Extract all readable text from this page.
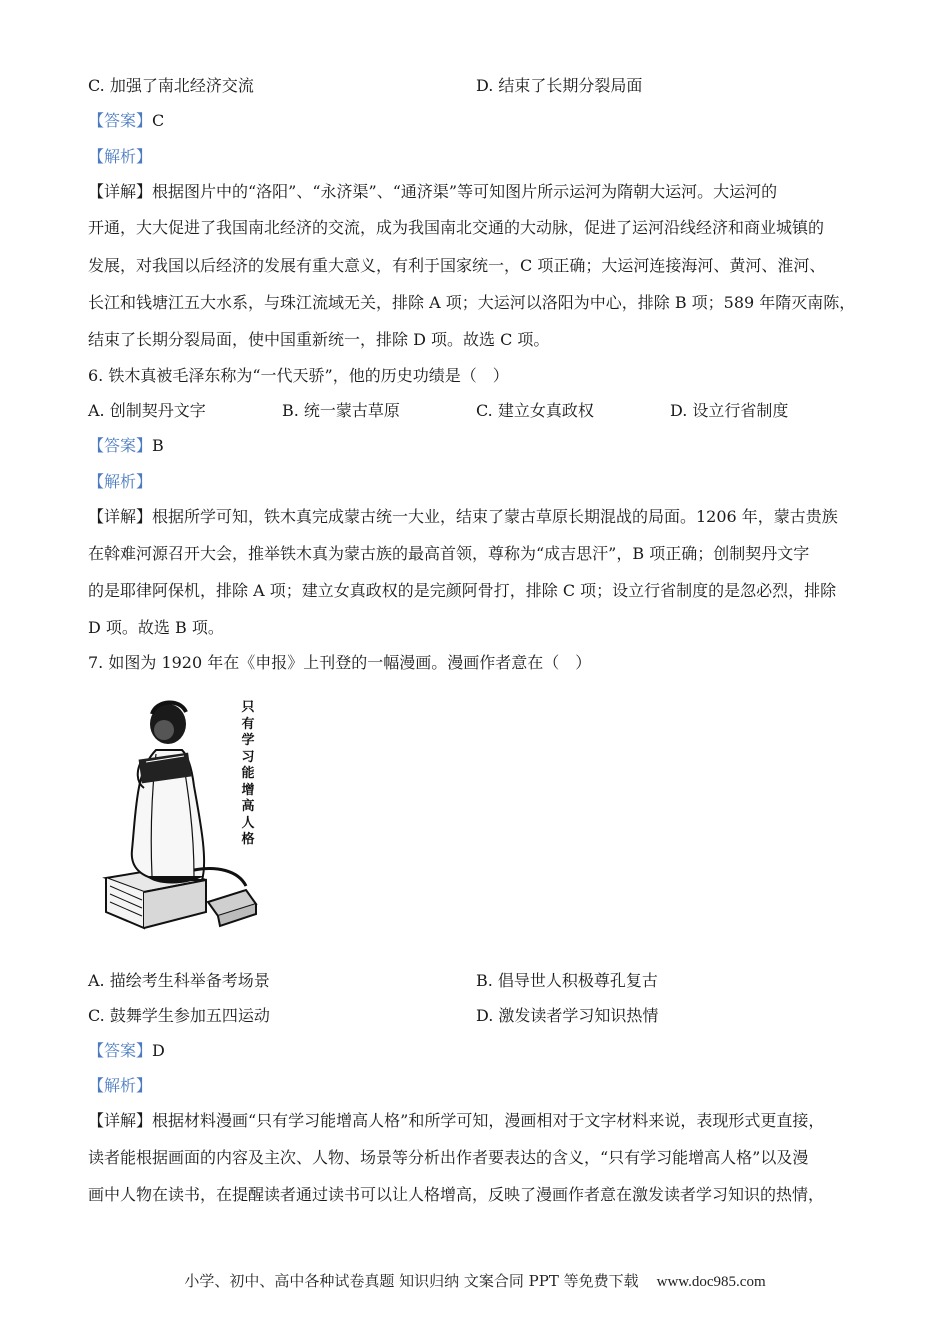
C. 加强了南北经济交流	D. 结束了长期分裂局面
【答案】C
【解析】
【详解】根据图片中的“洛阳”、“永济渠”、“通济渠”等可知图片所示运河为隋朝大运河。大运河的
开通，大大促进了我国南北经济的交流，成为我国南北交通的大动脉，促进了运河沿线经济和商业城镇的
发展，对我国以后经济的发展有重大意义，有利于国家统一，C 项正确；大运河连接海河、黄河、淮河、
长江和钱塘江五大水系，与珠江流域无关，排除 A 项；大运河以洛阳为中心，排除 B 项；589 年隋灭南陈，
结束了长期分裂局面，使中国重新统一，排除 D 项。故选 C 项。
6. 铁木真被毛泽东称为“一代天骄”，他的历史功绩是（　）
A. 创制契丹文字	B. 统一蒙古草原	C. 建立女真政权	D. 设立行省制度
【答案】B
【解析】
【详解】根据所学可知，铁木真完成蒙古统一大业，结束了蒙古草原长期混战的局面。1206 年，蒙古贵族
在斡难河源召开大会，推举铁木真为蒙古族的最高首领，尊称为“成吉思汗”，B 项正确；创制契丹文字
的是耶律阿保机，排除 A 项；建立女真政权的是完颜阿骨打，排除 C 项；设立行省制度的是忽必烈，排除
D 项。故选 B 项。
7. 如图为 1920 年在《申报》上刊登的一幅漫画。漫画作者意在（　）
只
有
学
习
能
增
高
人
格
A. 描绘考生科举备考场景	B. 倡导世人积极尊孔复古
C. 鼓舞学生参加五四运动	D. 激发读者学习知识热情
【答案】D
【解析】
【详解】根据材料漫画“只有学习能增高人格”和所学可知，漫画相对于文字材料来说，表现形式更直接，
读者能根据画面的内容及主次、人物、场景等分析出作者要表达的含义，“只有学习能增高人格”以及漫
画中人物在读书，在提醒读者通过读书可以让人格增高，反映了漫画作者意在激发读者学习知识的热情，
小学、初中、高中各种试卷真题 知识归纳 文案合同 PPT 等免费下载 www.doc985.com
